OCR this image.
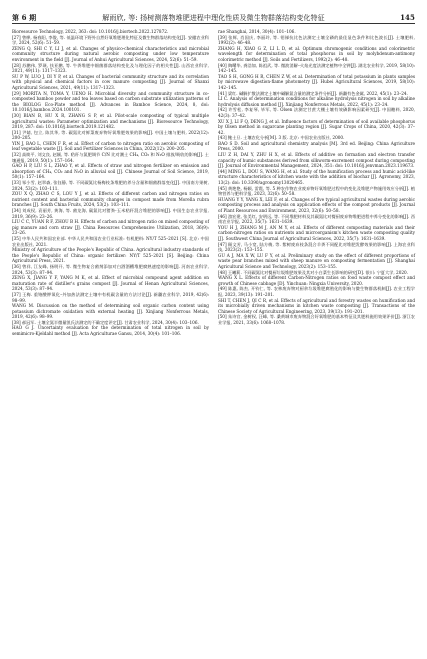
第 6 期	解雨欣, 等: 扬树测落物堆肥进程中理化性质及微生物群落结构变化特征	145

Bioresource Technology, 2022, 363: doi: 10.1016/j.biortech.2022.127872.

[27] 曾桦, 杨春阳, 李俊, 等. 低温环境下野外自然好氧堆肥理化特征及微生物群落结构变化[J]. 安徽农业科学, 2024, 52(6): 51–59.

ZENG Q, SHI C Y, LI J, et al. Changes of physico-chemical characteristics and microbial community structure during natural aerobic composting under low temperature environment in the field [J]. Journal of Anhui Agricultural Sciences, 2024, 52(6): 51–59.

[28] 苏鹏伟, 罗瑛, 扶亚鹏, 等. 牛粪堆肥中细菌群落结构变化及与理化因子的相关性[J]. 山西农业科学, 2021, 49(11): 1317–1323.

SU P W, LUO J, DI Y P, et al. Changes of bacterial community structure and its correlation with physical and chemical factors in cow manure composting [J]. Journal of Shanxi Agricultural Sciences, 2021, 49(11): 1317–1323.

[29] MORITA N, TOMA Y, UENO H. Microbial diversity and community structure in co-composted bamboo powder and tea leaves based on carbon substrate utilization patterns of the BIOLOG Eco-Plate method [J]. Advances in Bamboo Science, 2024, 8, doi: 10.1016/j.bamboo.2024.100101.

[30] BIAN B, HU X R, ZHANG S P, et al. Pilot-scale composting of typical multiple agricultural wastes: Parameter optimization and mechanisms [J]. Bioresource Technology, 2019, 287: doi: 10.1016/j.biortech.2019.121482.

[31] 尹婧, 包立, 陈其华, 等. 碳氮比对鲜菜废弃物好氧堆肥效果的影响[J]. 中国土壤与肥料, 2022(12): 200–205.

YIN J, BAO L, CHEN F R, et al. Effect of carbon to nitrogen ratio on aerobic composting of leaf vegetable waste [J]. Soil and Fertilizer Sciences in China, 2022(12): 200–205.

[32] 高焕平, 刘文良, 赵颖, 等. 秸秆与氮肥调节 C/N 比对潮土 CH₄, CO₂ 和 N₂O 排放/吸收的影响[J]. 土壤通报, 2019, 50(1): 157–164.

GAO H P, LIU S L, ZHAO Y, et al. Effects of straw and nitrogen fertilizer on emission and absorption of CH₄, CO₂ and N₂O in alluvial soil [J]. Chinese Journal of Soil Science, 2019, 50(1): 157–164.

[33] 邹小雪, 赵翠森, 张钰静, 等. 不同碳氮比杨梅枝条堆肥的养分含量和细菌群落变化[J]. 中国南方果树, 2024, 53(2): 103–111.

ZOU X Q, ZHAO C S, LOU Y J, et al. Effects of different carbon and nitrogen ratios on nutrient content and bacterial community changes in compost made from Morella rubra branches [J]. South China Fruits, 2024, 53(2): 103–111.

[34] 刘成权, 袁丽芳, 黄海, 等. 菌龙海, 碳氮比对猪粪-玉米秸秆混合堆肥的影响[J]. 中国生态农业学报, 2019, 36(9): 23–26.

LIU C C, YUAN R F, ZHOU B H. Effects of carbon and nitrogen ratio on mixed composting of pig manure and corn straw [J]. China Resources Comprehensive Utilization, 2018, 36(9): 23–26.

[35] 中华人民共和国农业部. 中华人民共和国农业行业标准: 有机肥料: NY/T 525–2021 [S]. 北京: 中国农业出版社, 2021.

Ministry of Agriculture of the People's Republic of China. Agricultural industry standards of the People's Republic of China: organic fertilizer: NY/T 525–2021 [S]. Beijing: China Agricultural Press, 2021.

[36] 曾祥, 江友峰, 扬明开, 等. 微生物复合菌剂添加对白酒酒糟堆肥腐熟速度的影响[J]. 河南农业科学, 2024, 53(3): 87–94.

ZENG X, JIANG Y F, YANG M K, et al. Effect of microbial compound agent addition on maturation rate of distiller's grains compost [J]. Journal of Henan Agricultural Sciences, 2024, 53(3): 87–94.

[37] 王梅. 重铬酸钾氧化–外加热法测定土壤中有机碳含量的方法讨论[J]. 新疆农业科学, 2019, 42(6): 98–99.

WANG M. Discussion on the method of determining soil organic carbon content using potassium dichromate oxidation with external heating [J]. Xinjiang Nonferrous Metals, 2019, 42(6): 98–99.

[38] 郝冠军. 土壤全氮半微量凯氏法测定的不确定度评定[J]. 甘肃农业科学, 2024, 30(4): 103–106.

HAO G J. Uncertainty evaluation for the determination of total nitrogen in soil by semimicro-Kjeldahl method [J]. Acta Agriculturae Gansu, 2014, 30(4): 101–106.

rae Shanghai, 2014, 30(4): 101–106.

[39] 张辉, 肖国庆, 李丽玲, 等. 钼锑抗比色法测定土壤全磷的最佳显色条件和比色波长[J]. 土壤肥料, 1992(2): 46–48.

ZHANG H, XIAO G Z, LI L D, et al. Optimum chromogenic conditions and colorimetric wavelength for determination of total phosphorus in soil by molybdenum-antimony colorimetric method [J]. Soils and Fertilizers, 1992(2): 46–48.

[40] 陶曙华, 龚浩如, 陈祖武, 等. 微波消解–火焰光度法测定植物中全钾[J]. 湖北农业科学, 2019, 58(10): 142–145.

TAO S H, GONG H R, CHEN Z W, et al. Determination of total potassium in plants samples by microwave digestion-flame photometry [J]. Hubei Agricultural Sciences, 2019, 58(10): 142–145.

[41] 梁红. 碱解扩散法测定土壤中碱解氮含量的测定条件分析[J]. 新疆有色金属, 2022, 45(1): 23–24.

LI C. Analysis of determination conditions for alkaline hydrolysis nitrogen in soil by alkaline hydrolysis diffusion method [J]. Xinjiang Nonferrous Metals, 2022, 45(1): 23–24.

[42] 许雪松, 李复琴, 毕军, 等. Olsen 法测定甘蔗大棚土壤有效磷影响因素研究[J]. 中国糖料, 2020, 42(3): 37–42.

XU X J, LI F Q, DENG J, et al. Influence factors of determination of soil available phosphorus by Olsen method in sugarcane planting region [J]. Sugar Crops of China, 2020, 42(3): 37–42.

[43] 鲍士旦. 土壤农化分析[M]. 3 版. 北京: 中国农业出版社, 2000.

BAO S D. Soil and agricultural chemistry analysis [M]. 3rd ed. Beijing: China Agriculture Press, 2000.

LIU Z H, DAI Y, ZHU H X, et al. Effects of additive on formation and electron transfer capacity of humic substances derived from silkworm-excrement compost during composting [J]. Journal of Environmental Management, 2024, 351: doi: 10.1016/j.jenvman.2023.119673.

[44] MING L, DOU S, WANG H, et al. Study of the humification process and humic acid-like structure characteristics of kitchen waste with the addition of biochar [J]. Agronomy, 2023, 13(2): doi: 10.3390/agronomy13020465.

[45] 黄艳艳, 杨颖, 雷霞, 等. 5 种农作物农业废弃物好氧堆肥过程中的变化及堆肥产物施用效应分析[J]. 植物营养与肥料学报, 2023, 32(6): 50–58.

HUANG Y Y, YANG X, LEI F, et al. Changes of five typical agricultural wastes during aerobic composting process and analysis on application effects of the compost products [J]. Journal of Plant Resources and Environment, 2023, 32(6): 50–58.

[46] 游宏建, 张美红, 安明远, 等. 不同堆肥材料及其碳氮比对餐厨废弃物堆肥进程中养分变化的影响[J]. 西南农业学报, 2022, 35(7): 1631–1639.

YOU H J, ZHANG M J, AN M Y, et al. Effects of different composting materials and their carbon-nitrogen ratios on nutrients and microorganism's kitchen waste composting quality [J]. Southwest China Journal of Agricultural Sciences, 2022, 35(7): 1631–1639.

[47] 顾文芳, 马小宽, 陆方梅, 等. 紫树废弃枝条混合羊粪不同配比对堆肥发酵效果的影响[J]. 上海农业科技, 2023(2): 153–155.

GU A J, MA X W, LU F Y, et al. Preliminary study on the effect of different proportions of waste pear branches mixed with sheep manure on composting fermentation [J]. Shanghai Agricultural Science and Technology, 2023(2): 153–155.

[48] 王曦莉. 不同碳氮比对餐厨垃圾堆肥效果及其对小白菜生长影响的研究[D]. 银川: 宁夏大学, 2020.

WANG X L. Effects of different Carbon-Nitrogen ratios on food waste compost effect and growth of Chinese cabbage [D]. Yinchuan: Ningxia University, 2020.

[49] 陈惠, 陈杰, 开钧仁, 等. 农林废弃物对厨余垃圾堆肥腐殖化的影响与微生物群落机制[J]. 农业工程学报, 2023, 39(13): 191–201.

SHI T, CHEN J, QI C R, et al. Effects of agricultural and forestry wastes on humification and its microbially driven mechanisms in kitchen waste composting [J]. Transactions of the Chinese Society of Agricultural Engineering, 2023, 39(13): 191–201.

[50] 朱诗官, 金树权, 汪峰, 等. 桑黄城市废弃物混合好氧堆肥的基本特征及其肥料施用效果评价[J]. 浙江农业学报, 2021, 33(6): 1068–1078.
